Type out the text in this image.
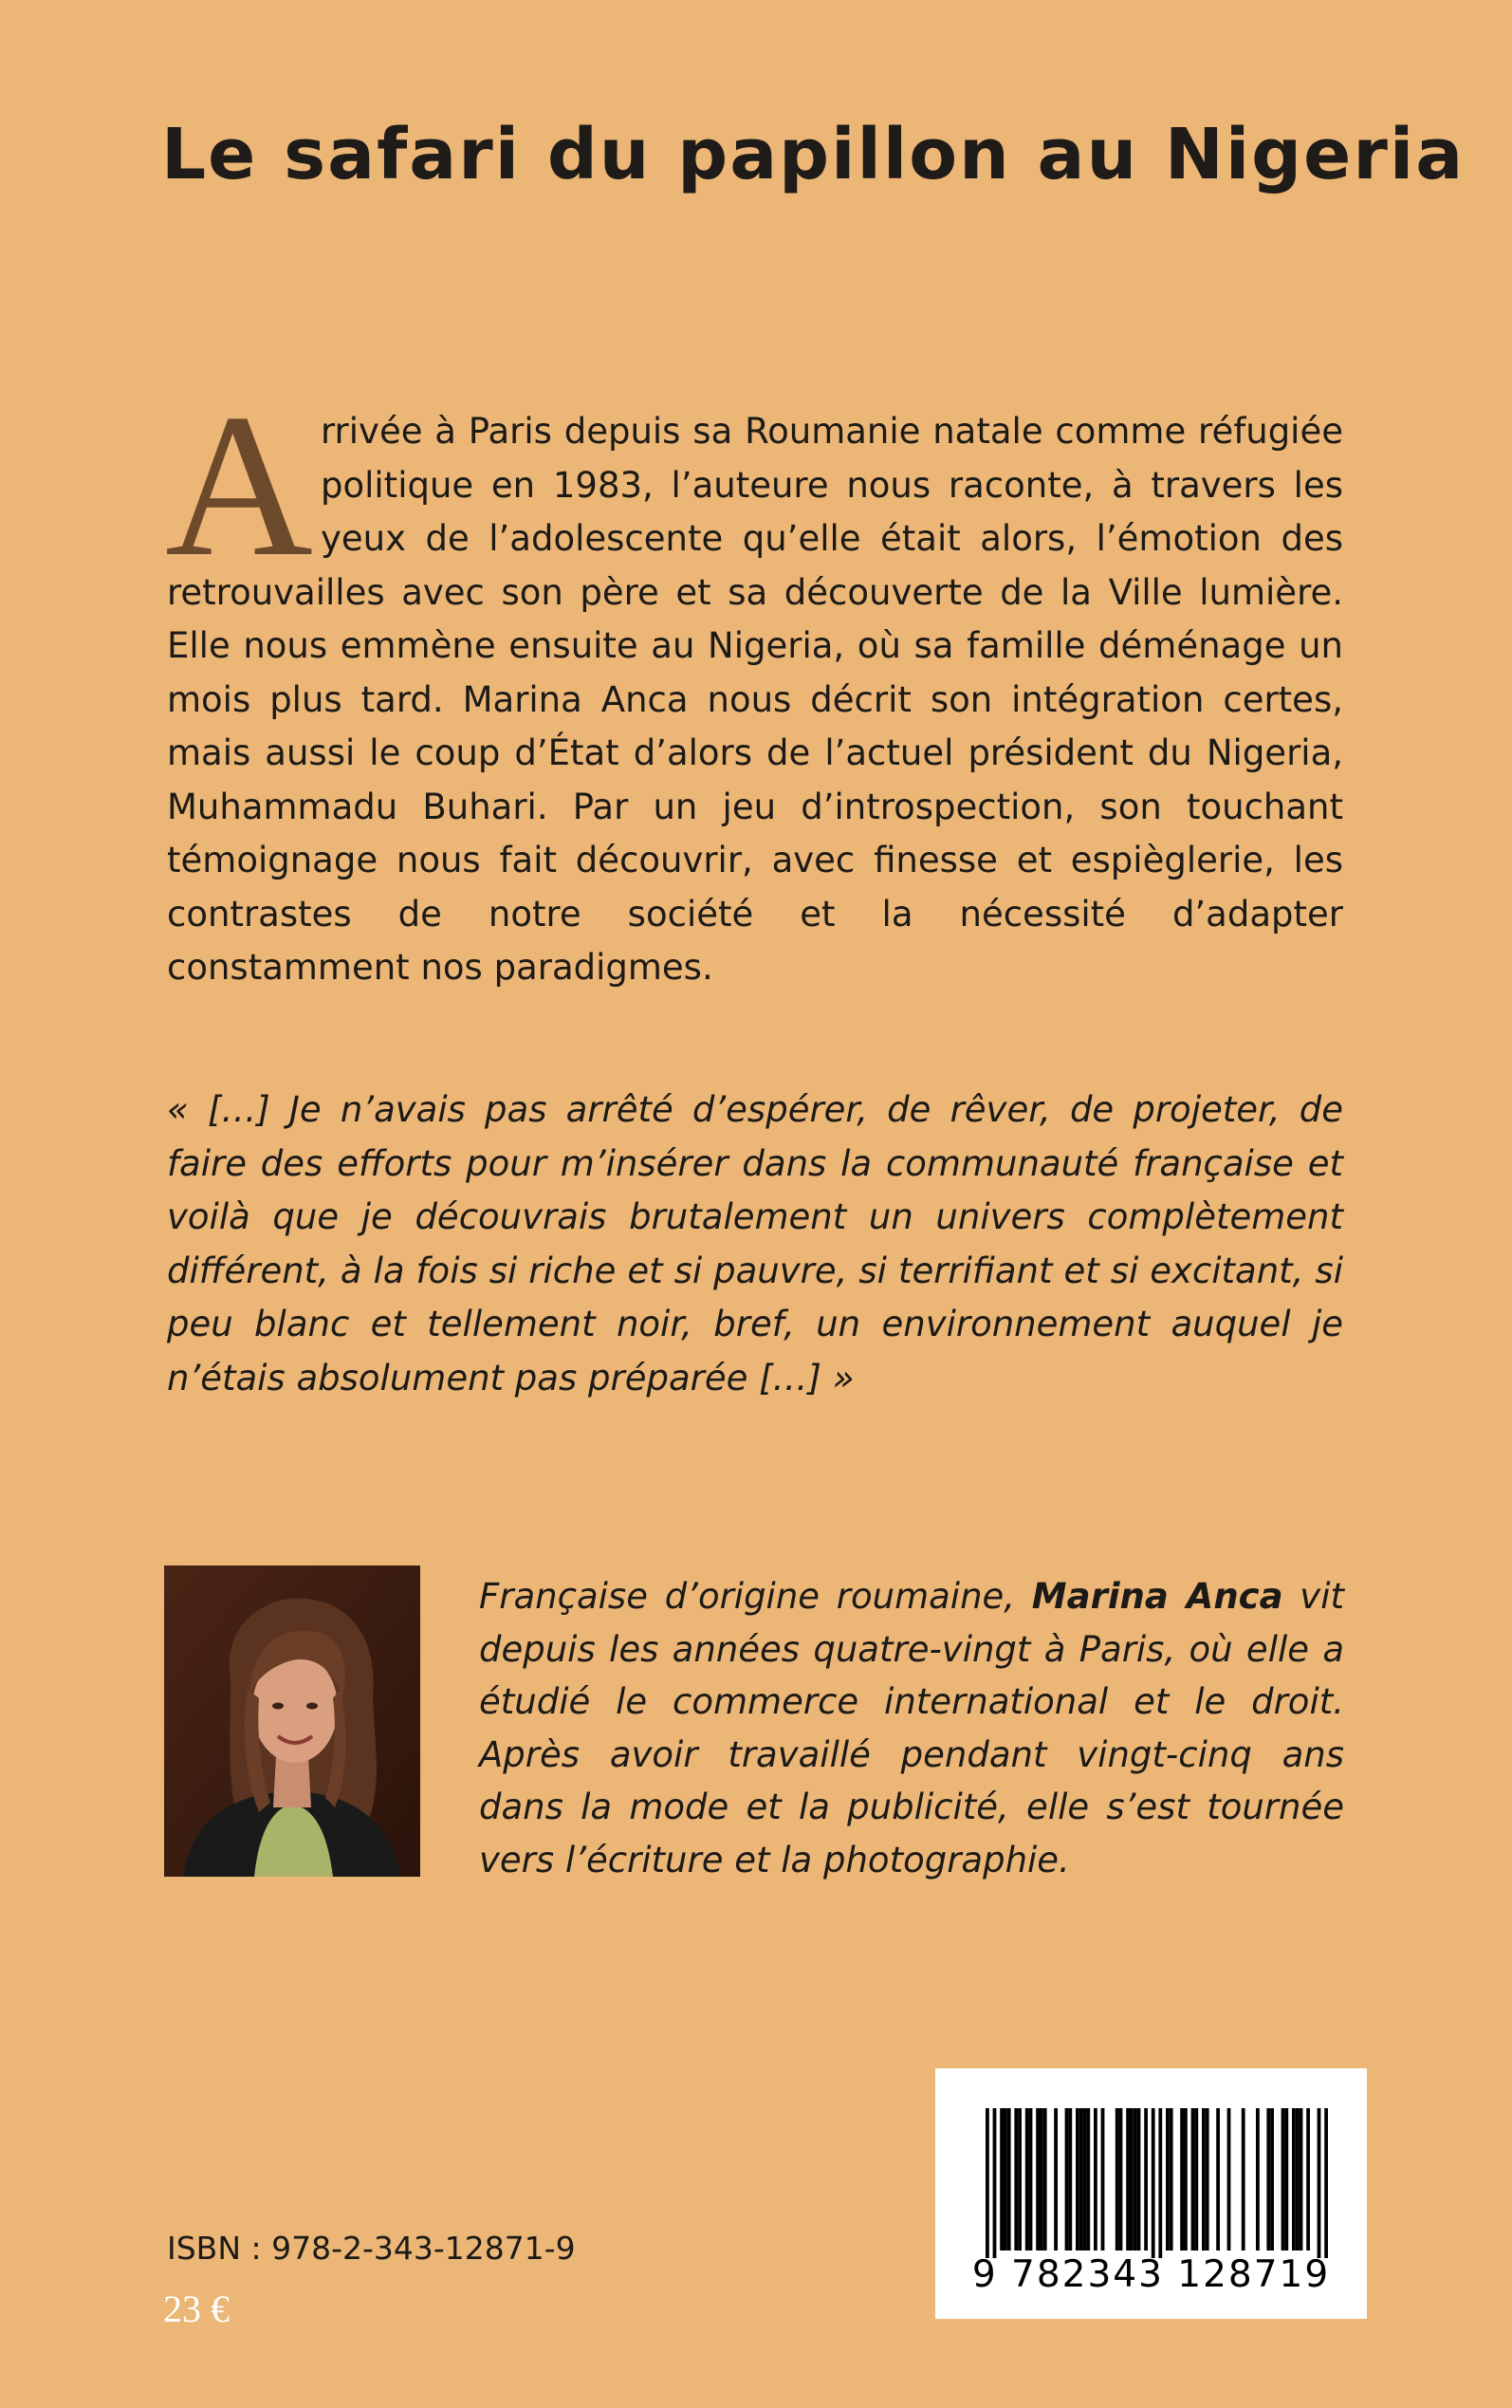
Le safari du papillon au Nigeria

Arrivée à Paris depuis sa Roumanie natale comme réfugiée politique en 1983, l’auteure nous raconte, à travers les yeux de l’adolescente qu’elle était alors, l’émotion des retrouvailles avec son père et sa découverte de la Ville lumière. Elle nous emmène ensuite au Nigeria, où sa famille déménage un mois plus tard. Marina Anca nous décrit son intégration certes, mais aussi le coup d’État d’alors de l’actuel président du Nigeria, Muhammadu Buhari. Par un jeu d’introspection, son touchant témoignage nous fait découvrir, avec finesse et espièglerie, les contrastes de notre société et la nécessité d’adapter constamment nos paradigmes.

« […] Je n’avais pas arrêté d’espérer, de rêver, de projeter, de faire des efforts pour m’insérer dans la communauté française et voilà que je découvrais brutalement un univers complètement différent, à la fois si riche et si pauvre, si terrifiant et si excitant, si peu blanc et tellement noir, bref, un environnement auquel je n’étais absolument pas préparée […] »

Française d’origine roumaine, Marina Anca vit depuis les années quatre-vingt à Paris, où elle a étudié le commerce international et le droit. Après avoir travaillé pendant vingt-cinq ans dans la mode et la publicité, elle s’est tournée vers l’écriture et la photographie.

ISBN : 978-2-343-12871-9
23 €
9 782343 128719
